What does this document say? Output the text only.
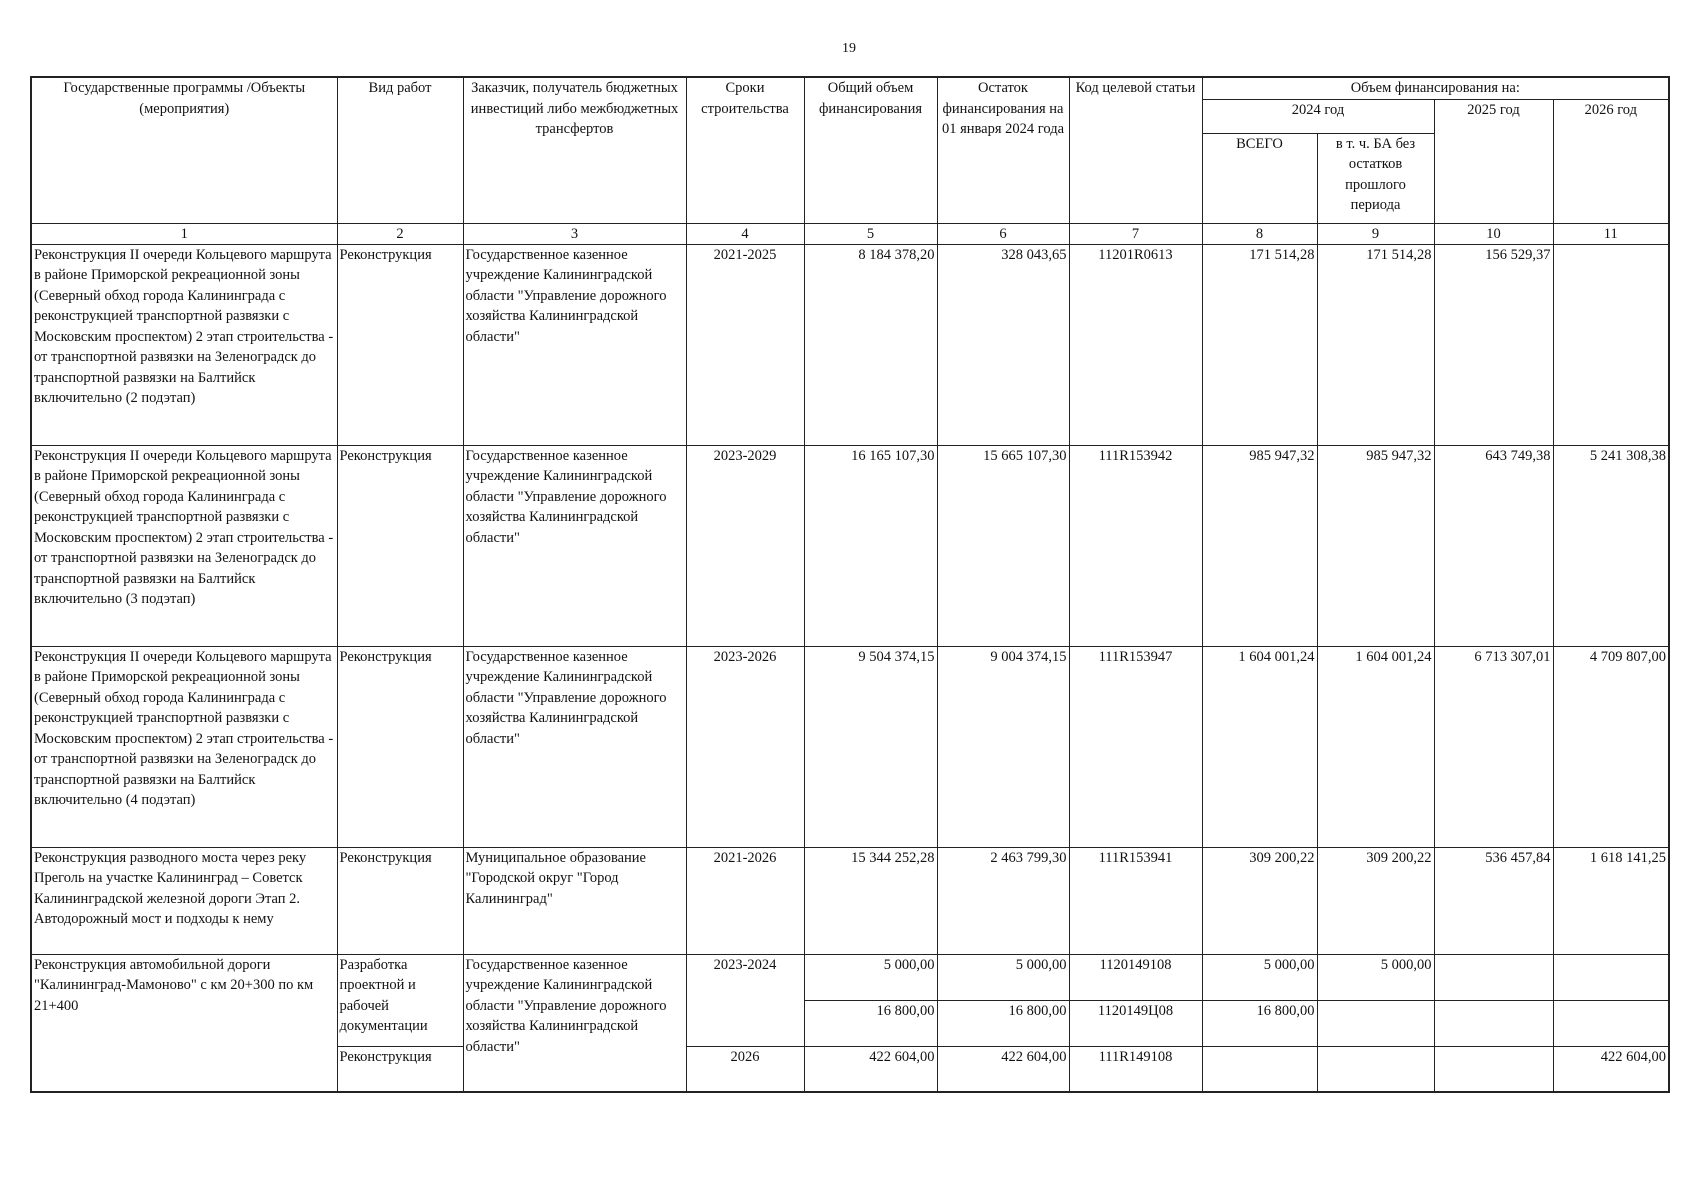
19
Государственные программы /Объекты (мероприятия)	Вид работ	Заказчик, получатель бюджетных инвестиций либо межбюджетных трансфертов	Сроки строительства	Общий объем финансирования	Остаток финансирования на 01 января 2024 года	Код целевой статьи	Объем финансирования на:			
							2024 год		2025 год	2026 год
							ВСЕГО	в т. ч. БА без остатков прошлого периода		
1	2	3	4	5	6	7	8	9	10	11
Реконструкция II очереди Кольцевого маршрута в районе Приморской рекреационной зоны (Северный обход города Калининграда с реконструкцией транспортной развязки с Московским проспектом) 2 этап строительства - от транспортной развязки на Зеленоградск до транспортной развязки на Балтийск включительно (2 подэтап)	Реконструкция	Государственное казенное учреждение Калининградской области "Управление дорожного хозяйства Калининградской области"	2021-2025	8 184 378,20	328 043,65	11201R0613	171 514,28	171 514,28	156 529,37	
Реконструкция II очереди Кольцевого маршрута в районе Приморской рекреационной зоны (Северный обход города Калининграда с реконструкцией транспортной развязки с Московским проспектом) 2 этап строительства - от транспортной развязки на Зеленоградск до транспортной развязки на Балтийск включительно (3 подэтап)	Реконструкция	Государственное казенное учреждение Калининградской области "Управление дорожного хозяйства Калининградской области"	2023-2029	16 165 107,30	15 665 107,30	111R153942	985 947,32	985 947,32	643 749,38	5 241 308,38
Реконструкция II очереди Кольцевого маршрута в районе Приморской рекреационной зоны (Северный обход города Калининграда с реконструкцией транспортной развязки с Московским проспектом) 2 этап строительства - от транспортной развязки на Зеленоградск до транспортной развязки на Балтийск включительно (4 подэтап)	Реконструкция	Государственное казенное учреждение Калининградской области "Управление дорожного хозяйства Калининградской области"	2023-2026	9 504 374,15	9 004 374,15	111R153947	1 604 001,24	1 604 001,24	6 713 307,01	4 709 807,00
Реконструкция разводного моста через реку Преголь на участке Калининград – Советск Калининградской железной дороги Этап 2. Автодорожный мост и подходы к нему	Реконструкция	Муниципальное образование "Городской округ "Город Калининград"	2021-2026	15 344 252,28	2 463 799,30	111R153941	309 200,22	309 200,22	536 457,84	1 618 141,25
Реконструкция автомобильной дороги "Калининград-Мамоново" с км 20+300 по км 21+400	Разработка проектной и рабочей документации	Государственное казенное учреждение Калининградской области "Управление дорожного хозяйства Калининградской области"	2023-2024	5 000,00	5 000,00	1120149108	5 000,00	5 000,00		
				16 800,00	16 800,00	1120149Ц08	16 800,00			
	Реконструкция		2026	422 604,00	422 604,00	111R149108				422 604,00
